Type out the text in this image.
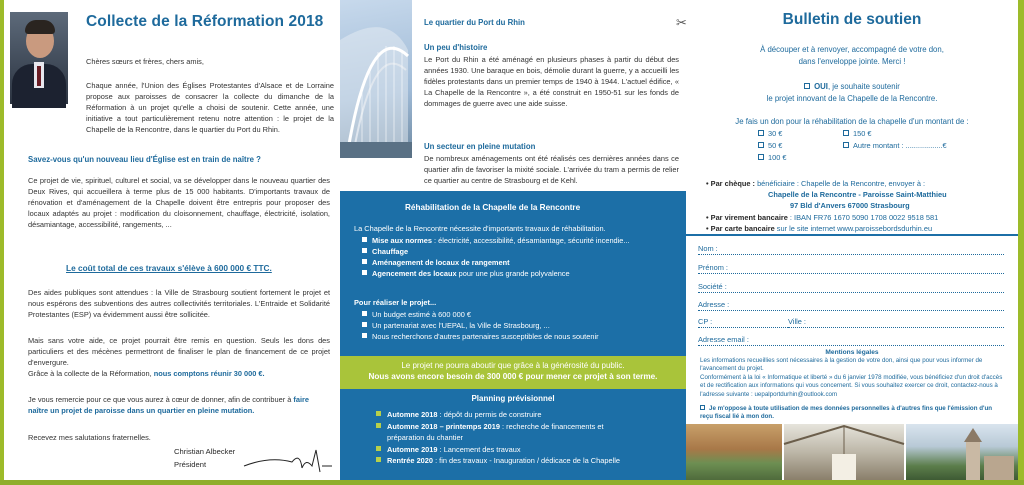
Collecte de la Réformation 2018

Chères sœurs et frères, chers amis,

Chaque année, l'Union des Églises Protestantes d'Alsace et de Lorraine propose aux paroisses de consacrer la collecte du dimanche de la Réformation à un projet qu'elle a choisi de soutenir. Cette année, une initiative a tout particulièrement retenu notre attention : le projet de la Chapelle de la Rencontre, dans le quartier du Port du Rhin.

Savez-vous qu'un nouveau lieu d'Église est en train de naître ?

Ce projet de vie, spirituel, culturel et social, va se développer dans le nouveau quartier des Deux Rives, qui accueillera à terme plus de 15 000 habitants. D'importants travaux de rénovation et d'aménagement de la Chapelle doivent être entrepris pour proposer des locaux adaptés au projet : modification du cloisonnement, chauffage, électricité, isolation, désamiantage, accessibilité, rangements, ...

Le coût total de ces travaux s'élève à 600 000 € TTC.

Des aides publiques sont attendues : la Ville de Strasbourg soutient fortement le projet et nous espérons des subventions des autres collectivités territoriales. L'Entraide et Solidarité Protestantes (ESP) va évidemment aussi être sollicitée.

Mais sans votre aide, ce projet pourrait être remis en question. Seuls les dons des particuliers et des mécènes permettront de finaliser le plan de financement de ce projet d'envergure.
Grâce à la collecte de la Réformation, nous comptons réunir 30 000 €.

Je vous remercie pour ce que vous aurez à cœur de donner, afin de contribuer à faire naître un projet de paroisse dans un quartier en pleine mutation.

Recevez mes salutations fraternelles.

Christian Albecker

Président

Le quartier du Port du Rhin
Un peu d'histoire

Le Port du Rhin a été aménagé en plusieurs phases à partir du début des années 1930. Une baraque en bois, démolie durant la guerre, y a accueilli les fidèles protestants dans un premier temps de 1940 à 1944. L'actuel édifice, « La Chapelle de la Rencontre », a été construit en 1950-51 sur les fonds de dommages de guerre avec une aide suisse.

Un secteur en pleine mutation

De nombreux aménagements ont été réalisés ces dernières années dans ce quartier afin de favoriser la mixité sociale. L'arrivée du tram a permis de relier ce quartier au centre de Strasbourg et de Kehl.

Réhabilitation de la Chapelle de la Rencontre

La Chapelle de la Rencontre nécessite d'importants travaux de réhabilitation.

Mise aux normes : électricité, accessibilité, désamiantage, sécurité incendie...

Chauffage

Aménagement de locaux de rangement

Agencement des locaux pour une plus grande polyvalence

Pour réaliser le projet...

Un budget estimé à 600 000 €

Un partenariat avec l'UEPAL, la Ville de Strasbourg, ...

Nous recherchons d'autres partenaires susceptibles de nous soutenir

Le projet ne pourra aboutir que grâce à la générosité du public.

Nous avons encore besoin de 300 000 € pour mener ce projet à son terme.

Planning prévisionnel

Automne 2018 : dépôt du permis de construire

Automne 2018 – printemps 2019 : recherche de financements et

préparation du chantier

Automne 2019 : Lancement des travaux

Rentrée 2020 : fin des travaux - Inauguration / dédicace de la Chapelle

✂	Bulletin de soutien

À découper et à renvoyer, accompagné de votre don,

dans l'enveloppe jointe. Merci !

OUI, je souhaite soutenir

le projet innovant de la Chapelle de la Rencontre.

Je fais un don pour la réhabilitation de la chapelle d'un montant de :

30 €	150 €

50 €	Autre montant : ..................€

100 €

• Par chèque : bénéficiaire : Chapelle de la Rencontre, envoyer à :

Chapelle de la Rencontre - Paroisse Saint-Matthieu

97 Bld d'Anvers 67000 Strasbourg

• Par virement bancaire : IBAN FR76 1670 5090 1708 0022 9518 581

• Par carte bancaire sur le site internet www.paroissebordsdurhin.eu

Nom :
Prénom :
Société :
Adresse :
CP :	Ville :
Adresse email :

Mentions légales

Les informations recueillies sont nécessaires à la gestion de votre don, ainsi que pour vous informer de l'avancement du projet.

Conformément à la loi « Informatique et liberté » du 6 janvier 1978 modifiée, vous bénéficiez d'un droit d'accès et de rectification aux informations qui vous concernent. Si vous souhaitez exercer ce droit, contactez-nous à l'adresse suivante : uepalportdurhin@outlook.com

Je m'oppose à toute utilisation de mes données personnelles à d'autres fins que l'émission d'un reçu fiscal lié à mon don.
